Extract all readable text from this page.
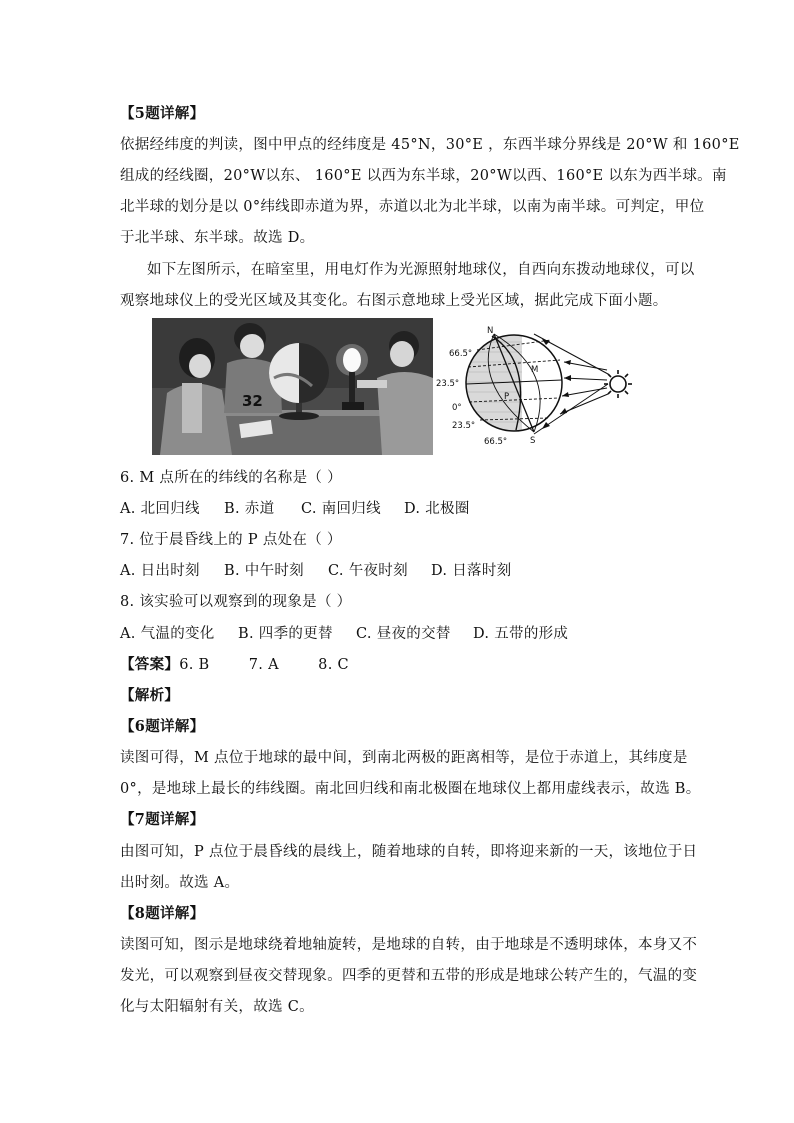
【5题详解】
依据经纬度的判读，图中甲点的经纬度是 45°N，30°E ，东西半球分界线是 20°W 和 160°E
组成的经线圈，20°W以东、 160°E 以西为东半球，20°W以西、160°E 以东为西半球。南
北半球的划分是以 0°纬线即赤道为界，赤道以北为北半球，以南为南半球。可判定，甲位
于北半球、东半球。故选 D。
如下左图所示，在暗室里，用电灯作为光源照射地球仪，自西向东拨动地球仪，可以
观察地球仪上的受光区域及其变化。右图示意地球上受光区域，据此完成下面小题。
32
N
S
M
P
66.5°
23.5°
0°
23.5°
66.5°
6. M 点所在的纬线的名称是（ ）
A. 北回归线 B. 赤道 C. 南回归线 D. 北极圈
7. 位于晨昏线上的 P 点处在（ ）
A. 日出时刻 B. 中午时刻 C. 午夜时刻 D. 日落时刻
8. 该实验可以观察到的现象是（ ）
A. 气温的变化 B. 四季的更替 C. 昼夜的交替 D. 五带的形成
【答案】6. B        7. A        8. C
【解析】
【6题详解】
读图可得，M 点位于地球的最中间，到南北两极的距离相等，是位于赤道上，其纬度是
0°，是地球上最长的纬线圈。南北回归线和南北极圈在地球仪上都用虚线表示，故选 B。
【7题详解】
由图可知，P 点位于晨昏线的晨线上，随着地球的自转，即将迎来新的一天，该地位于日
出时刻。故选 A。
【8题详解】
读图可知，图示是地球绕着地轴旋转，是地球的自转，由于地球是不透明球体，本身又不
发光，可以观察到昼夜交替现象。四季的更替和五带的形成是地球公转产生的，气温的变
化与太阳辐射有关，故选 C。
